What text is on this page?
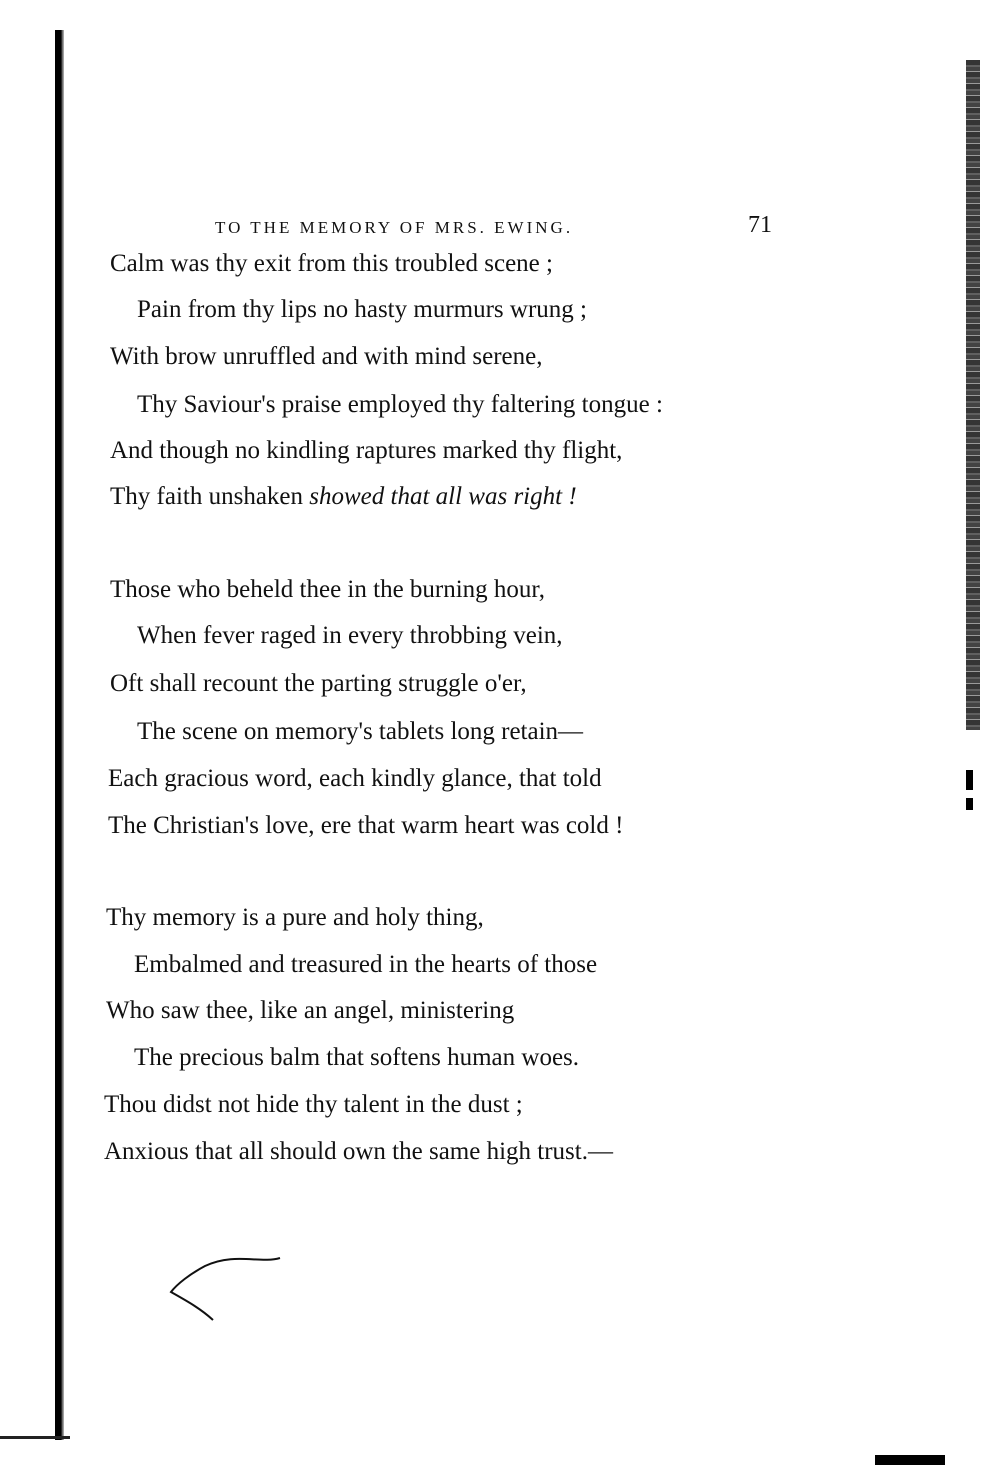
TO THE MEMORY OF MRS. EWING.	71
Calm was thy exit from this troubled scene ;
Pain from thy lips no hasty murmurs wrung ;
With brow unruffled and with mind serene,
Thy Saviour's praise employed thy faltering tongue :
And though no kindling raptures marked thy flight,
Thy faith unshaken showed that all was right !
Those who beheld thee in the burning hour,
When fever raged in every throbbing vein,
Oft shall recount the parting struggle o'er,
The scene on memory's tablets long retain—
Each gracious word, each kindly glance, that told
The Christian's love, ere that warm heart was cold !
Thy memory is a pure and holy thing,
Embalmed and treasured in the hearts of those
Who saw thee, like an angel, ministering
The precious balm that softens human woes.
Thou didst not hide thy talent in the dust ;
Anxious that all should own the same high trust.—
